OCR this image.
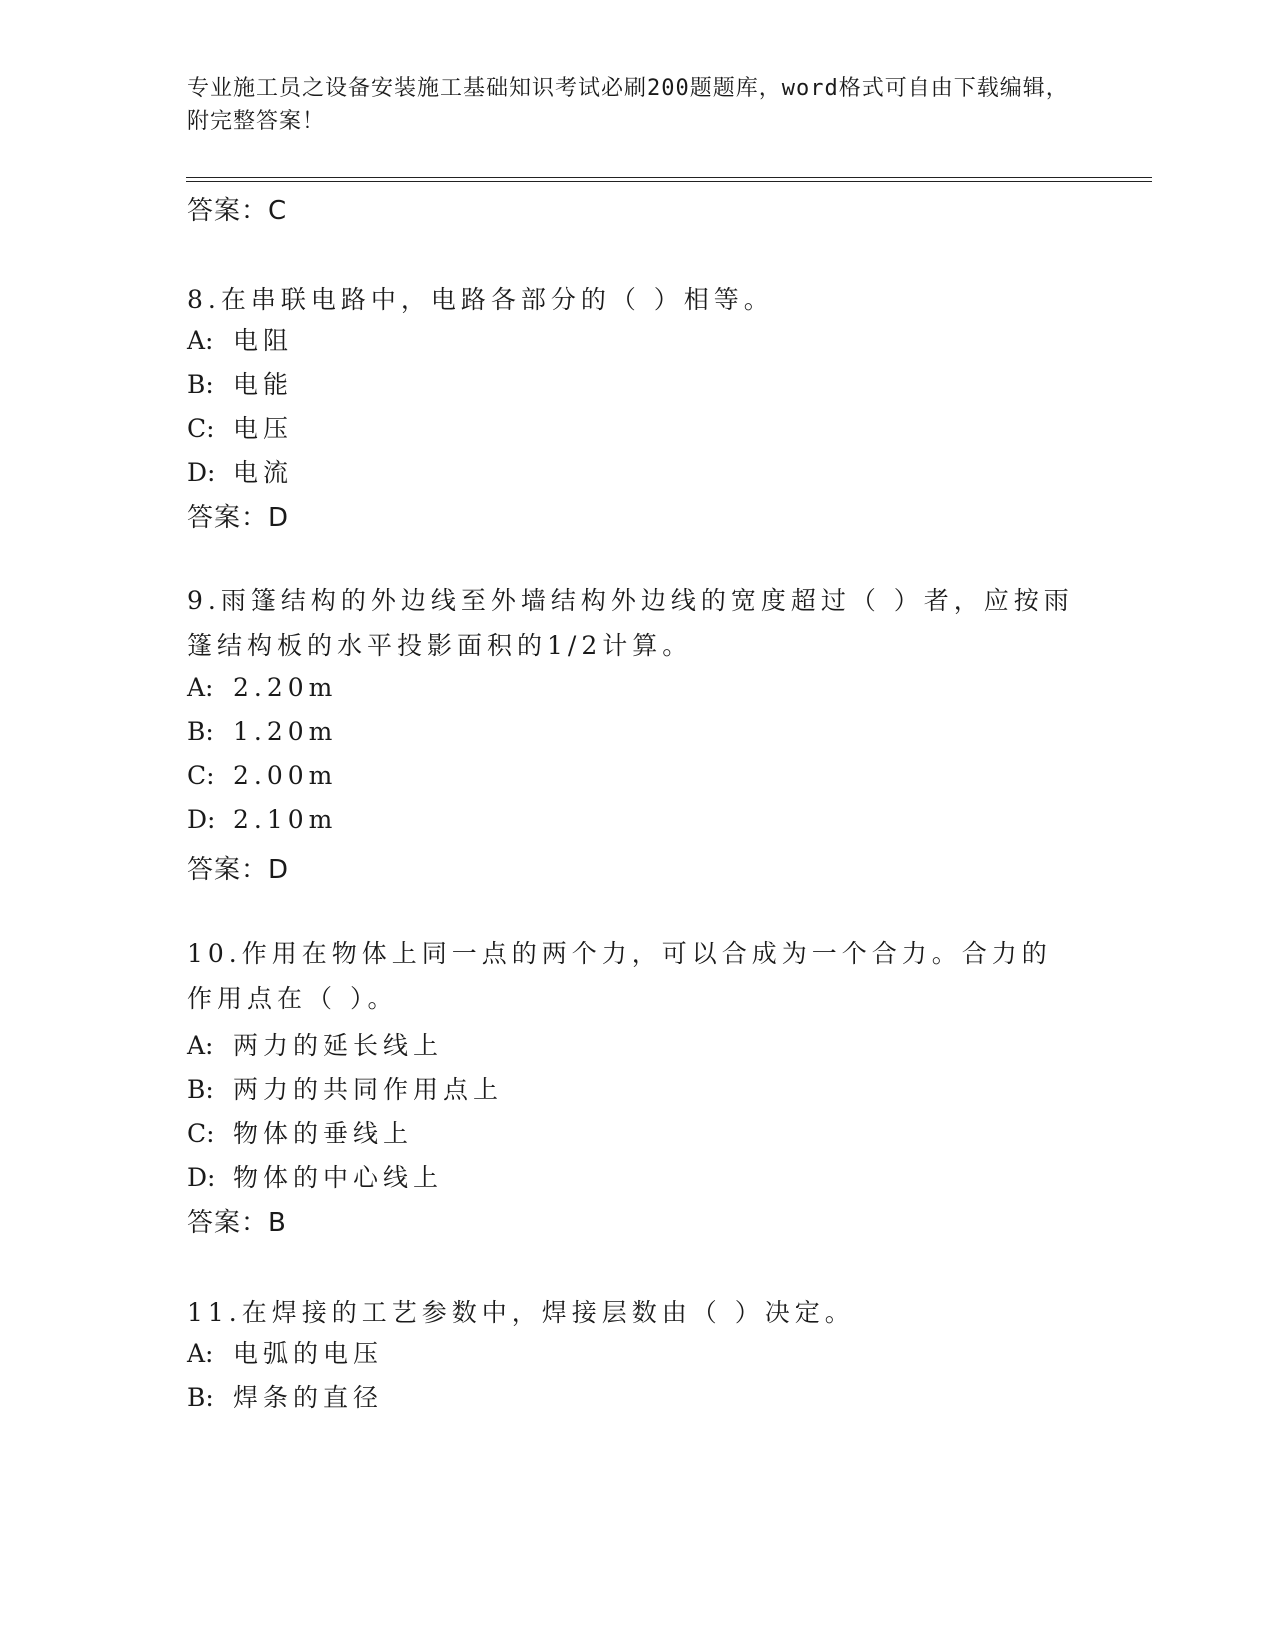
专业施工员之设备安装施工基础知识考试必刷200题题库，word格式可自由下载编辑，附完整答案！
答案：C
8.在串联电路中，电路各部分的（ ）相等。
A: 电阻
B: 电能
C: 电压
D: 电流
答案：D
9.雨篷结构的外边线至外墙结构外边线的宽度超过（ ）者，应按雨篷结构板的水平投影面积的1/2计算。
A: 2.20m
B: 1.20m
C: 2.00m
D: 2.10m
答案：D
10.作用在物体上同一点的两个力，可以合成为一个合力。合力的作用点在（ ）。
A: 两力的延长线上
B: 两力的共同作用点上
C: 物体的垂线上
D: 物体的中心线上
答案：B
11.在焊接的工艺参数中，焊接层数由（ ）决定。
A: 电弧的电压
B: 焊条的直径
